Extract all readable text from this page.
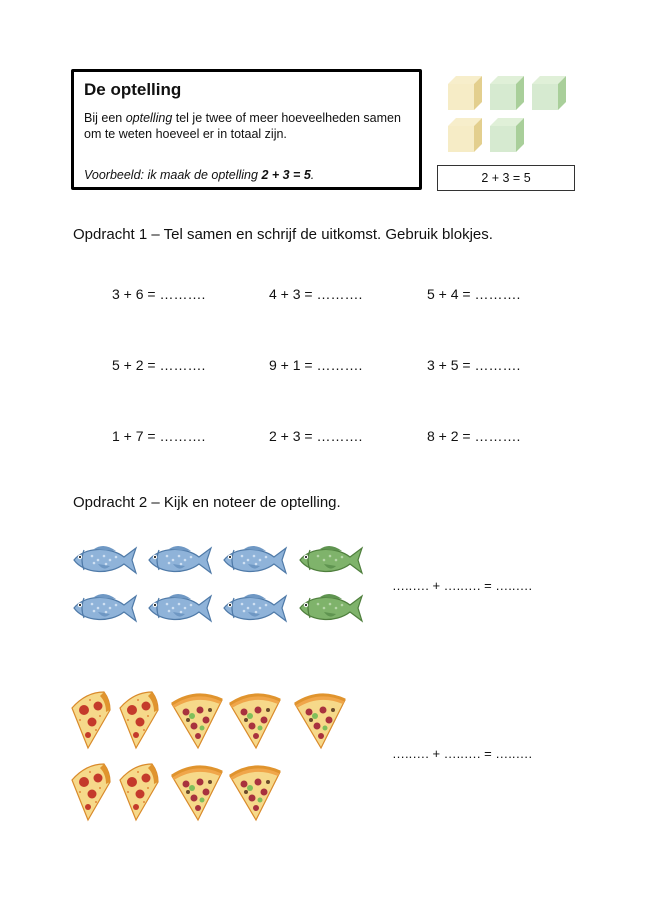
De optelling
Bij een optelling tel je twee of meer hoeveelheden samen om te weten hoeveel er in totaal zijn.
Voorbeeld: ik maak de optelling 2 + 3 = 5.	2 + 3 = 5
Opdracht 1 – Tel samen en schrijf de uitkomst. Gebruik blokjes.
3 + 6 = ……….	4 + 3 = ……….	5 + 4 = ……….
5 + 2 = ……….	9 + 1 = ……….	3 + 5 = ……….
1 + 7 = ……….	2 + 3 = ……….	8 + 2 = ……….
Opdracht 2 – Kijk en noteer de optelling.
…..…. + …..…. = …..….
…..…. + …..…. = …..….
